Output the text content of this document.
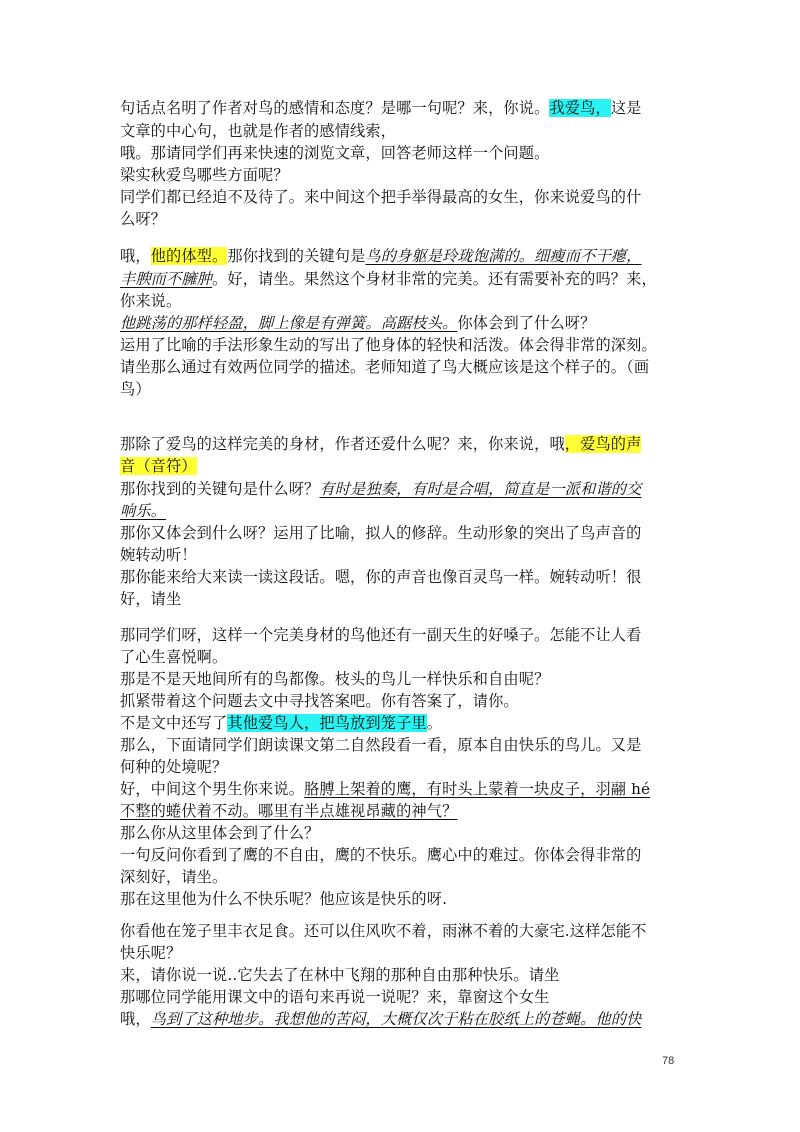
句话点名明了作者对鸟的感情和态度？是哪一句呢？来，你说。我爱鸟，这是
文章的中心句，也就是作者的感情线索，
哦。那请同学们再来快速的浏览文章，回答老师这样一个问题。
梁实秋爱鸟哪些方面呢？
同学们都已经迫不及待了。来中间这个把手举得最高的女生，你来说爱鸟的什
么呀？
哦，他的体型。那你找到的关键句是鸟的身躯是玲珑饱满的。细瘦而不干瘪，
丰腴而不臃肿。好，请坐。果然这个身材非常的完美。还有需要补充的吗？来，
你来说。
他跳荡的那样轻盈，脚上像是有弹簧。高踞枝头。你体会到了什么呀？
运用了比喻的手法形象生动的写出了他身体的轻快和活泼。体会得非常的深刻。
请坐那么通过有效两位同学的描述。老师知道了鸟大概应该是这个样子的。（画
鸟）
那除了爱鸟的这样完美的身材，作者还爱什么呢？来，你来说，哦，爱鸟的声
音（音符）
那你找到的关键句是什么呀？有时是独奏，有时是合唱，简直是一派和谐的交
响乐。
那你又体会到什么呀？运用了比喻，拟人的修辞。生动形象的突出了鸟声音的
婉转动听！
那你能来给大来读一读这段话。嗯，你的声音也像百灵鸟一样。婉转动听！很
好，请坐
那同学们呀，这样一个完美身材的鸟他还有一副天生的好嗓子。怎能不让人看
了心生喜悦啊。
那是不是天地间所有的鸟都像。枝头的鸟儿一样快乐和自由呢？
抓紧带着这个问题去文中寻找答案吧。你有答案了，请你。
不是文中还写了其他爱鸟人，把鸟放到笼子里。
那么，下面请同学们朗读课文第二自然段看一看，原本自由快乐的鸟儿。又是
何种的处境呢？
好，中间这个男生你来说。胳膊上架着的鹰，有时头上蒙着一块皮子，羽翮 hé
不整的蜷伏着不动。哪里有半点雄视昂藏的神气？
那么你从这里体会到了什么？
一句反问你看到了鹰的不自由，鹰的不快乐。鹰心中的难过。你体会得非常的
深刻好，请坐。
那在这里他为什么不快乐呢？他应该是快乐的呀.
你看他在笼子里丰衣足食。还可以住风吹不着，雨淋不着的大豪宅.这样怎能不
快乐呢？
来，请你说一说..它失去了在林中飞翔的那种自由那种快乐。请坐
那哪位同学能用课文中的语句来再说一说呢？来，靠窗这个女生
哦，鸟到了这种地步。我想他的苦闷，大概仅次于粘在胶纸上的苍蝇。他的快
78
